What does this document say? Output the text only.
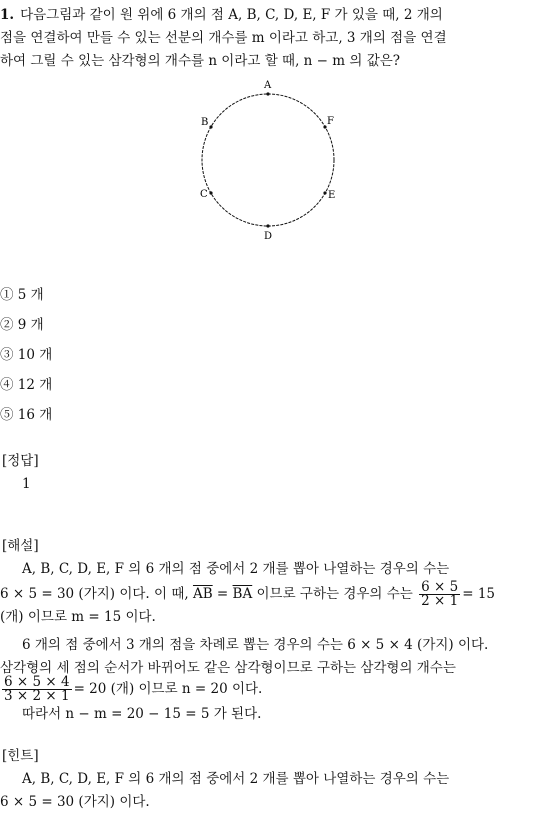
1. 다음그림과 같이 원 위에 6 개의 점 A, B, C, D, E, F 가 있을 때, 2 개의
점을 연결하여 만들 수 있는 선분의 개수를 m 이라고 하고, 3 개의 점을 연결
하여 그릴 수 있는 삼각형의 개수를 n 이라고 할 때, n − m 의 값은?
A
F
E
D
C
B
① 5 개
② 9 개
③ 10 개
④ 12 개
⑤ 16 개
[정답]
1
[해설]
A, B, C, D, E, F 의 6 개의 점 중에서 2 개를 뽑아 나열하는 경우의 수는
6 × 5 = 30 (가지) 이다. 이 때, $\overline{AB} = \overline{BA}$ 이므로 구하는 경우의 수는 $\frac{6 \times 5}{2 \times 1} = 15$
(개) 이므로 m = 15 이다.
6 개의 점 중에서 3 개의 점을 차례로 뽑는 경우의 수는 6 × 5 × 4 (가지) 이다.
삼각형의 세 점의 순서가 바뀌어도 같은 삼각형이므로 구하는 삼각형의 개수는
$\frac{6 \times 5 \times 4}{3 \times 2 \times 1} = 20$ (개) 이므로 n = 20 이다.
따라서 n − m = 20 − 15 = 5 가 된다.
[힌트]
A, B, C, D, E, F 의 6 개의 점 중에서 2 개를 뽑아 나열하는 경우의 수는
6 × 5 = 30 (가지) 이다.
